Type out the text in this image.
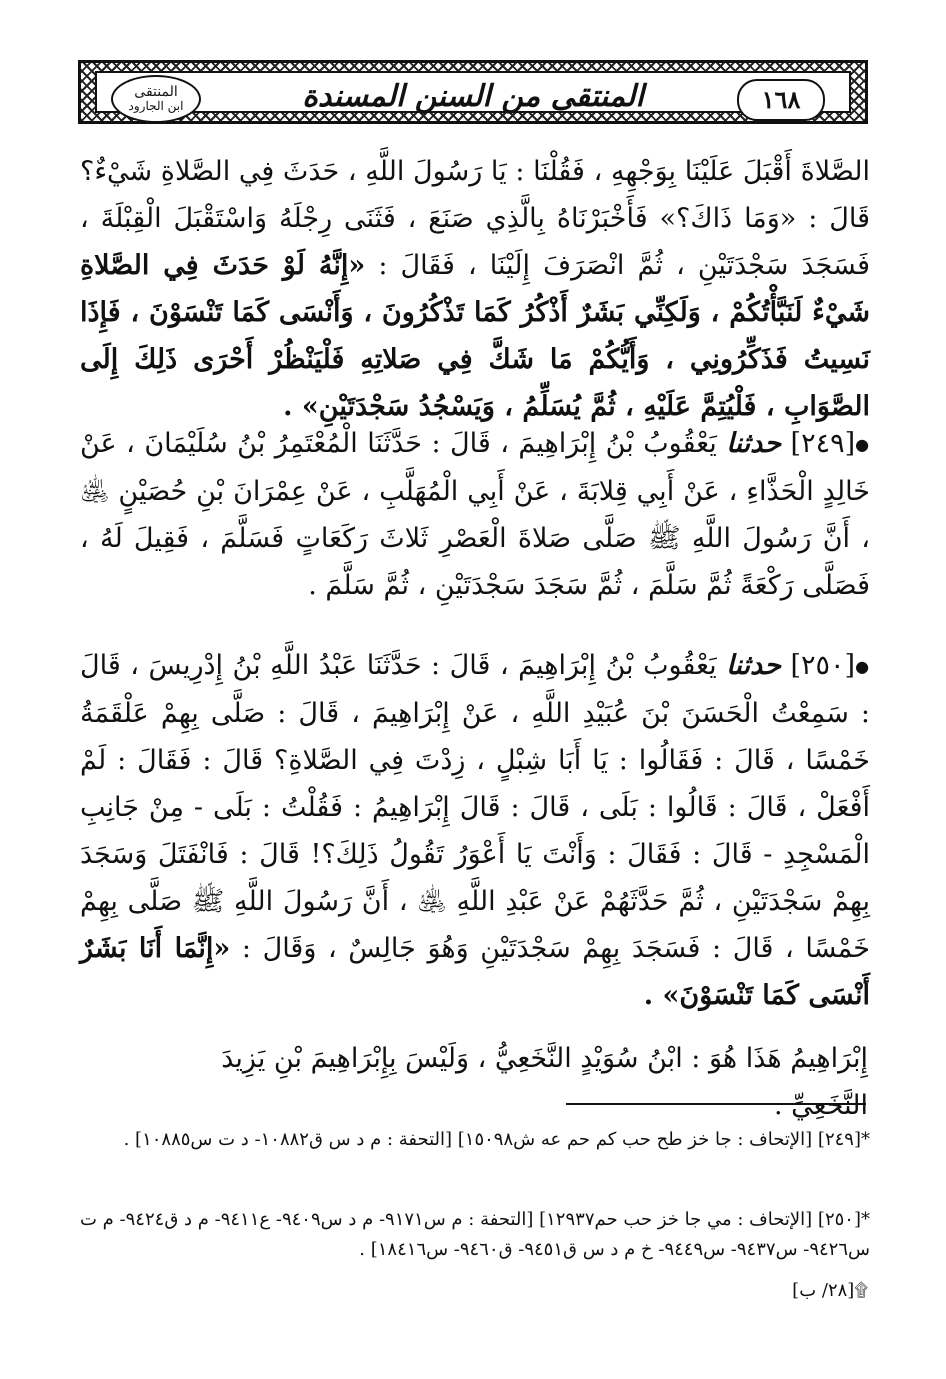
١٦٨
المنتقى من السنن المسندة
المنتقى
ابن الجارود
الصَّلاةَ أَقْبَلَ عَلَيْنَا بِوَجْهِهِ ، فَقُلْنَا : يَا رَسُولَ اللَّهِ ، حَدَثَ فِي الصَّلاةِ شَيْءٌ؟ قَالَ : «وَمَا ذَاكَ؟» فَأَخْبَرْنَاهُ بِالَّذِي صَنَعَ ، فَثَنَى رِجْلَهُ وَاسْتَقْبَلَ الْقِبْلَةَ ، فَسَجَدَ سَجْدَتَيْنِ ، ثُمَّ انْصَرَفَ إِلَيْنَا ، فَقَالَ : «إِنَّهُ لَوْ حَدَثَ فِي الصَّلاةِ شَيْءٌ لَنَبَّأْتُكُمْ ، وَلَكِنِّي بَشَرٌ أَذْكُرُ كَمَا تَذْكُرُونَ ، وَأَنْسَى كَمَا تَنْسَوْنَ ، فَإِذَا نَسِيتُ فَذَكِّرُونِي ، وَأَيُّكُمْ مَا شَكَّ فِي صَلاتِهِ فَلْيَنْظُرْ أَحْرَى ذَلِكَ إِلَى الصَّوَابِ ، فَلْيُتِمَّ عَلَيْهِ ، ثُمَّ يُسَلِّمُ ، وَيَسْجُدُ سَجْدَتَيْنِ» .
●[٢٤٩] حدثنا يَعْقُوبُ بْنُ إِبْرَاهِيمَ ، قَالَ : حَدَّثَنَا الْمُعْتَمِرُ بْنُ سُلَيْمَانَ ، عَنْ خَالِدٍ الْحَذَّاءِ ، عَنْ أَبِي قِلابَةَ ، عَنْ أَبِي الْمُهَلَّبِ ، عَنْ عِمْرَانَ بْنِ حُصَيْنٍ ﵁ ، أَنَّ رَسُولَ اللَّهِ ﷺ صَلَّى صَلاةَ الْعَصْرِ ثَلاثَ رَكَعَاتٍ فَسَلَّمَ ، فَقِيلَ لَهُ ، فَصَلَّى رَكْعَةً ثُمَّ سَلَّمَ ، ثُمَّ سَجَدَ سَجْدَتَيْنِ ، ثُمَّ سَلَّمَ .
●[٢٥٠] حدثنا يَعْقُوبُ بْنُ إِبْرَاهِيمَ ، قَالَ : حَدَّثَنَا عَبْدُ اللَّهِ بْنُ إِدْرِيسَ ، قَالَ : سَمِعْتُ الْحَسَنَ بْنَ عُبَيْدِ اللَّهِ ، عَنْ إِبْرَاهِيمَ ، قَالَ : صَلَّى بِهِمْ عَلْقَمَةُ خَمْسًا ، قَالَ : فَقَالُوا : يَا أَبَا شِبْلٍ ، زِدْتَ فِي الصَّلاةِ؟ قَالَ : فَقَالَ : لَمْ أَفْعَلْ ، قَالَ : قَالُوا : بَلَى ، قَالَ : قَالَ إِبْرَاهِيمُ : فَقُلْتُ : بَلَى - مِنْ جَانِبِ الْمَسْجِدِ - قَالَ : فَقَالَ : وَأَنْتَ يَا أَعْوَرُ تَقُولُ ذَلِكَ؟! قَالَ : فَانْفَتَلَ وَسَجَدَ بِهِمْ سَجْدَتَيْنِ ، ثُمَّ حَدَّثَهُمْ عَنْ عَبْدِ اللَّهِ ﵁ ، أَنَّ رَسُولَ اللَّهِ ﷺ صَلَّى بِهِمْ خَمْسًا ، قَالَ : فَسَجَدَ بِهِمْ سَجْدَتَيْنِ وَهُوَ جَالِسٌ ، وَقَالَ : «إِنَّمَا أَنَا بَشَرٌ أَنْسَى كَمَا تَنْسَوْنَ» .
إِبْرَاهِيمُ هَذَا هُوَ : ابْنُ سُوَيْدٍ النَّخَعِيُّ ، وَلَيْسَ بِإِبْرَاهِيمَ بْنِ يَزِيدَ النَّخَعِيِّ .
*[٢٤٩] [الإتحاف : جا خز طح حب كم حم عه ش١٥٠٩٨] [التحفة : م د س ق١٠٨٨٢- د ت س١٠٨٨٥] .
*[٢٥٠] [الإتحاف : مي جا خز حب حم١٢٩٣٧] [التحفة : م س٩١٧١- م د س٩٤٠٩- ع٩٤١١- م د ق٩٤٢٤- م ت س٩٤٢٦- س٩٤٣٧- س٩٤٤٩- خ م د س ق٩٤٥١- ق٩٤٦٠- س١٨٤١٦] .
۩[٢٨/ ب]
